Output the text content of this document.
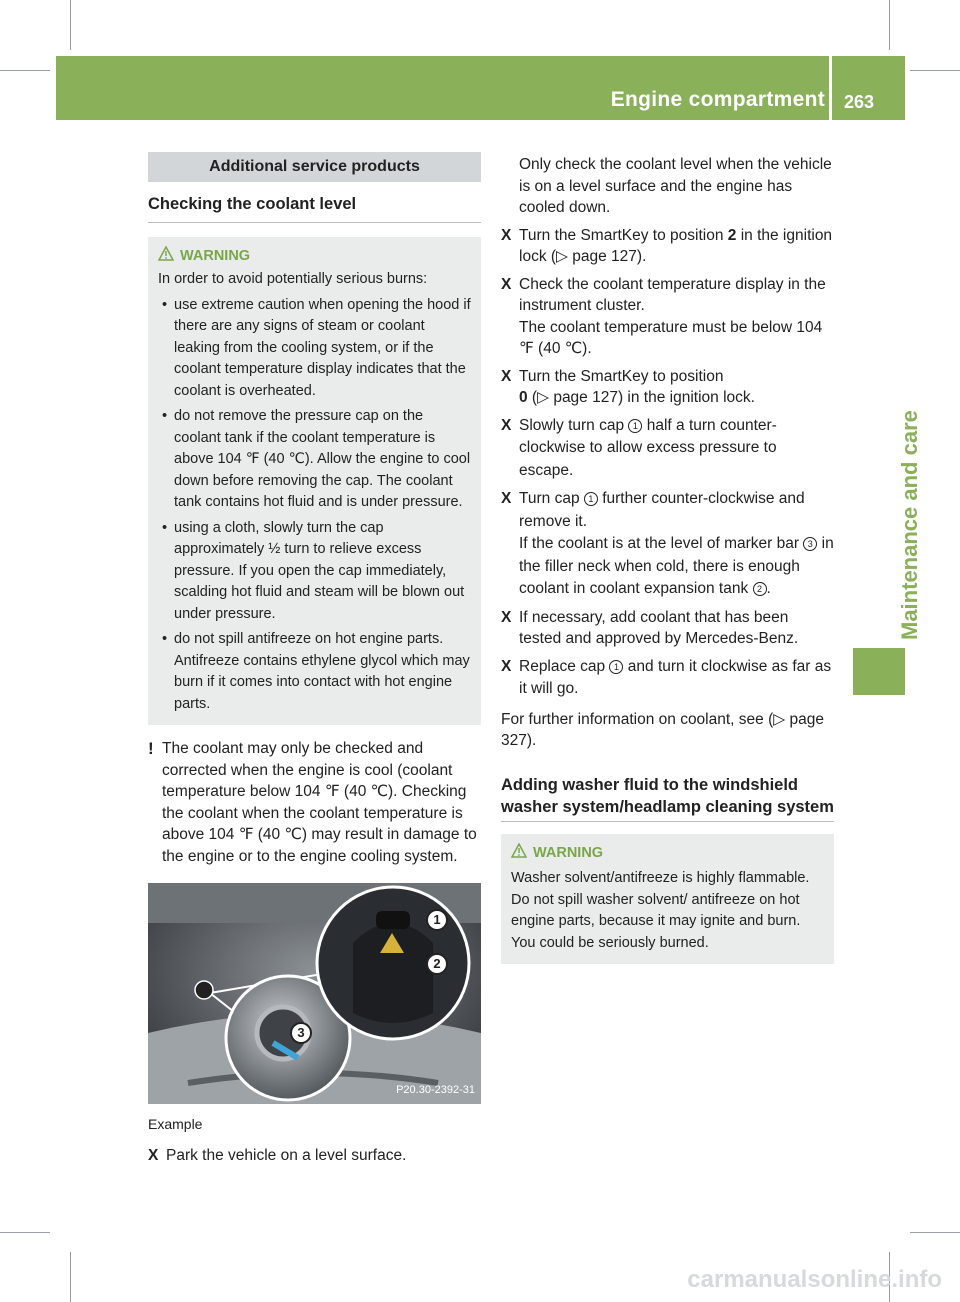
Engine compartment 263
Maintenance and care
Additional service products
Checking the coolant level
WARNING
In order to avoid potentially serious burns:
• use extreme caution when opening the hood if there are any signs of steam or coolant leaking from the cooling system, or if the coolant temperature display indicates that the coolant is overheated.
• do not remove the pressure cap on the coolant tank if the coolant temperature is above 104 ℉ (40 ℃). Allow the engine to cool down before removing the cap. The coolant tank contains hot fluid and is under pressure.
• using a cloth, slowly turn the cap approximately ½ turn to relieve excess pressure. If you open the cap immediately, scalding hot fluid and steam will be blown out under pressure.
• do not spill antifreeze on hot engine parts. Antifreeze contains ethylene glycol which may burn if it comes into contact with hot engine parts.
! The coolant may only be checked and corrected when the engine is cool (coolant temperature below 104 ℉ (40 ℃). Checking the coolant when the coolant temperature is above 104 ℉ (40 ℃) may result in damage to the engine or to the engine cooling system.
1
2
3
P20.30-2392-31
Example
X Park the vehicle on a level surface.
Only check the coolant level when the vehicle is on a level surface and the engine has cooled down.
X Turn the SmartKey to position 2 in the ignition lock (▷ page 127).
X Check the coolant temperature display in the instrument cluster.
The coolant temperature must be below 104 ℉ (40 ℃).
X Turn the SmartKey to position
0 (▷ page 127) in the ignition lock.
X Slowly turn cap 1 half a turn counter-clockwise to allow excess pressure to escape.
X Turn cap 1 further counter-clockwise and remove it.
If the coolant is at the level of marker bar 3 in the filler neck when cold, there is enough coolant in coolant expansion tank 2 .
X If necessary, add coolant that has been tested and approved by Mercedes-Benz.
X Replace cap 1 and turn it clockwise as far as it will go.
For further information on coolant, see (▷ page 327).
Adding washer fluid to the windshield washer system/headlamp cleaning system
WARNING
Washer solvent/antifreeze is highly flammable. Do not spill washer solvent/ antifreeze on hot engine parts, because it may ignite and burn. You could be seriously burned.
carmanualsonline.info
